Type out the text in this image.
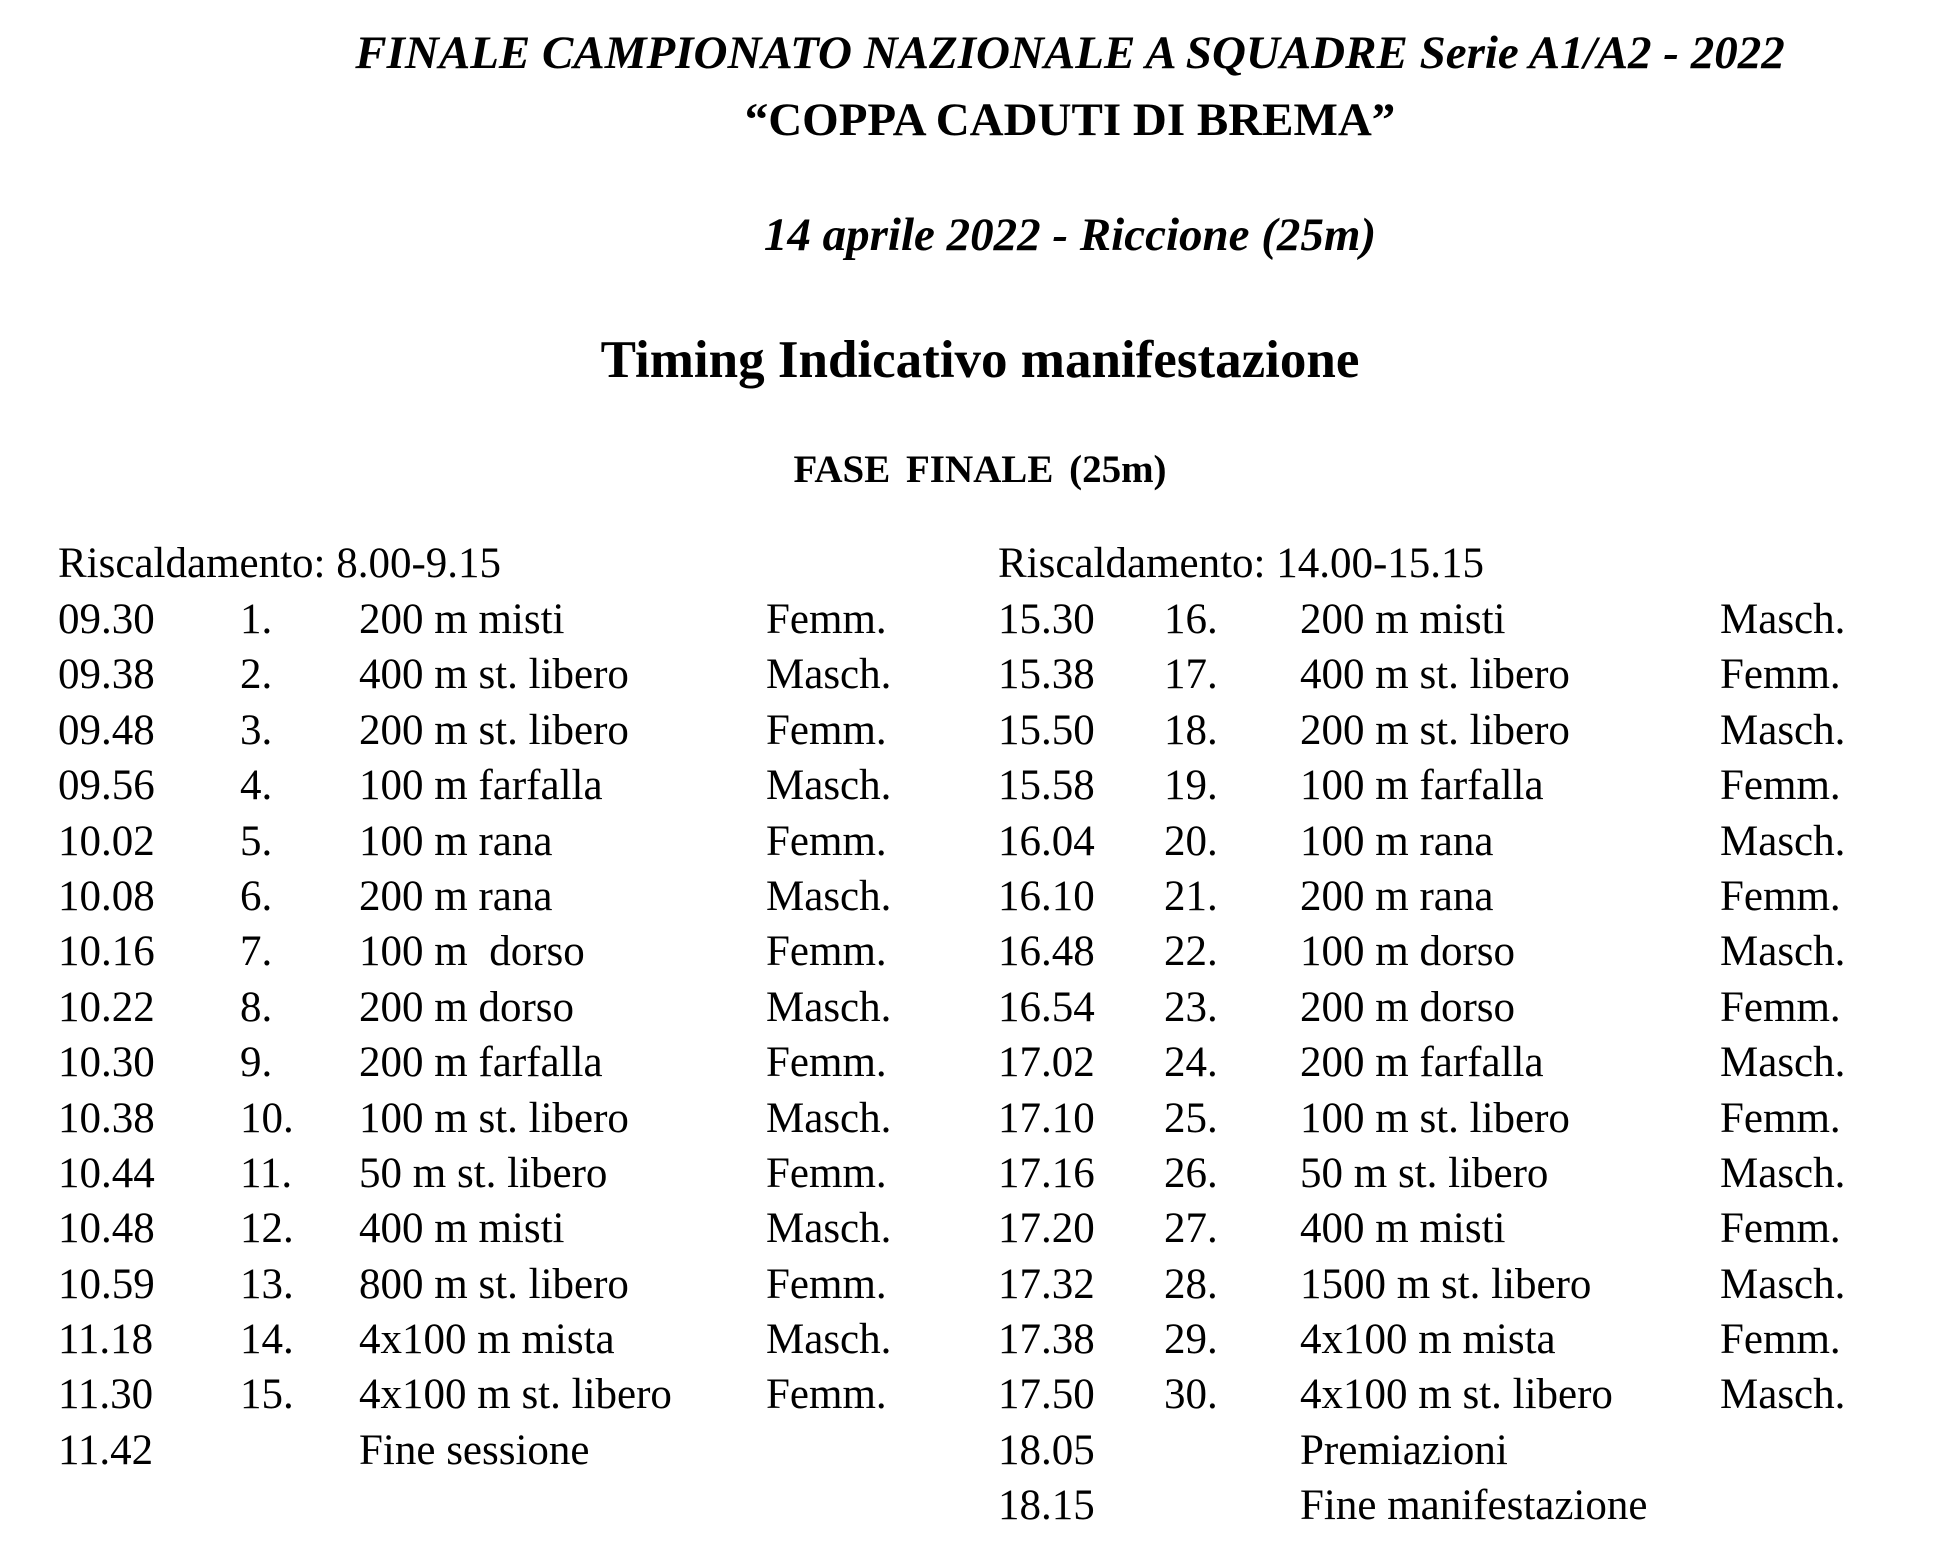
FINALE CAMPIONATO NAZIONALE A SQUADRE Serie A1/A2 - 2022
“COPPA CADUTI DI BREMA”
14 aprile 2022 - Riccione (25m)
Timing Indicativo manifestazione
FASE FINALE (25m)
Riscaldamento: 8.00-9.15
09.30 1. 200 m misti	Femm.
09.38 2. 400 m st. libero	Masch.
09.48 3. 200 m st. libero	Femm.
09.56 4. 100 m farfalla	Masch.
10.02 5. 100 m rana	Femm.
10.08 6. 200 m rana	Masch.
10.16 7. 100 m  dorso	Femm.
10.22 8. 200 m dorso	Masch.
10.30 9. 200 m farfalla	Femm.
10.38 10. 100 m st. libero	Masch.
10.44 11. 50 m st. libero	Femm.
10.48 12. 400 m misti	Masch.
10.59 13. 800 m st. libero	Femm.
11.18 14. 4x100 m mista	Masch.
11.30 15. 4x100 m st. libero Femm.
11.42	Fine sessione
Riscaldamento: 14.00-15.15
15.30 16. 200 m misti	Masch.
15.38 17. 400 m st. libero	Femm.
15.50 18. 200 m st. libero	Masch.
15.58 19. 100 m farfalla	Femm.
16.04 20. 100 m rana	Masch.
16.10 21. 200 m rana	Femm.
16.48 22. 100 m dorso	Masch.
16.54 23. 200 m dorso	Femm.
17.02 24. 200 m farfalla	Masch.
17.10 25. 100 m st. libero	Femm.
17.16 26. 50 m st. libero	Masch.
17.20 27. 400 m misti	Femm.
17.32 28. 1500 m st. libero	Masch.
17.38 29. 4x100 m mista	Femm.
17.50 30. 4x100 m st. libero Masch.
18.05	Premiazioni
18.15	Fine manifestazione
